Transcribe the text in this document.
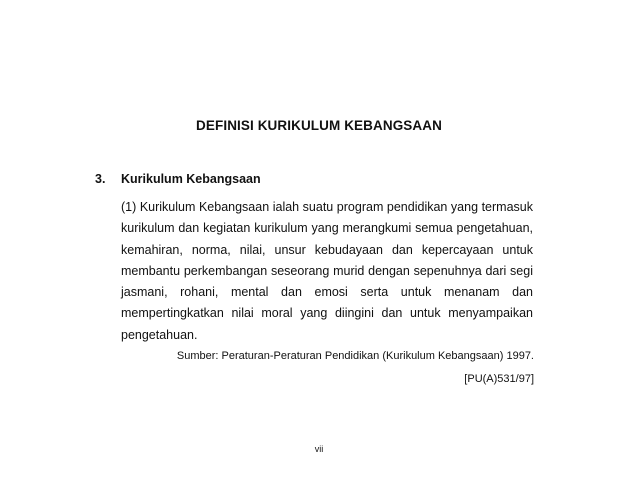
DEFINISI KURIKULUM KEBANGSAAN
3. Kurikulum Kebangsaan
(1) Kurikulum Kebangsaan ialah suatu program pendidikan yang termasuk kurikulum dan kegiatan kurikulum yang merangkumi semua pengetahuan, kemahiran, norma, nilai, unsur kebudayaan dan kepercayaan untuk membantu perkembangan seseorang murid dengan sepenuhnya dari segi jasmani, rohani, mental dan emosi serta untuk menanam dan mempertingkatkan nilai moral yang diingini dan untuk menyampaikan pengetahuan.
Sumber: Peraturan-Peraturan Pendidikan (Kurikulum Kebangsaan) 1997.
[PU(A)531/97]
vii
